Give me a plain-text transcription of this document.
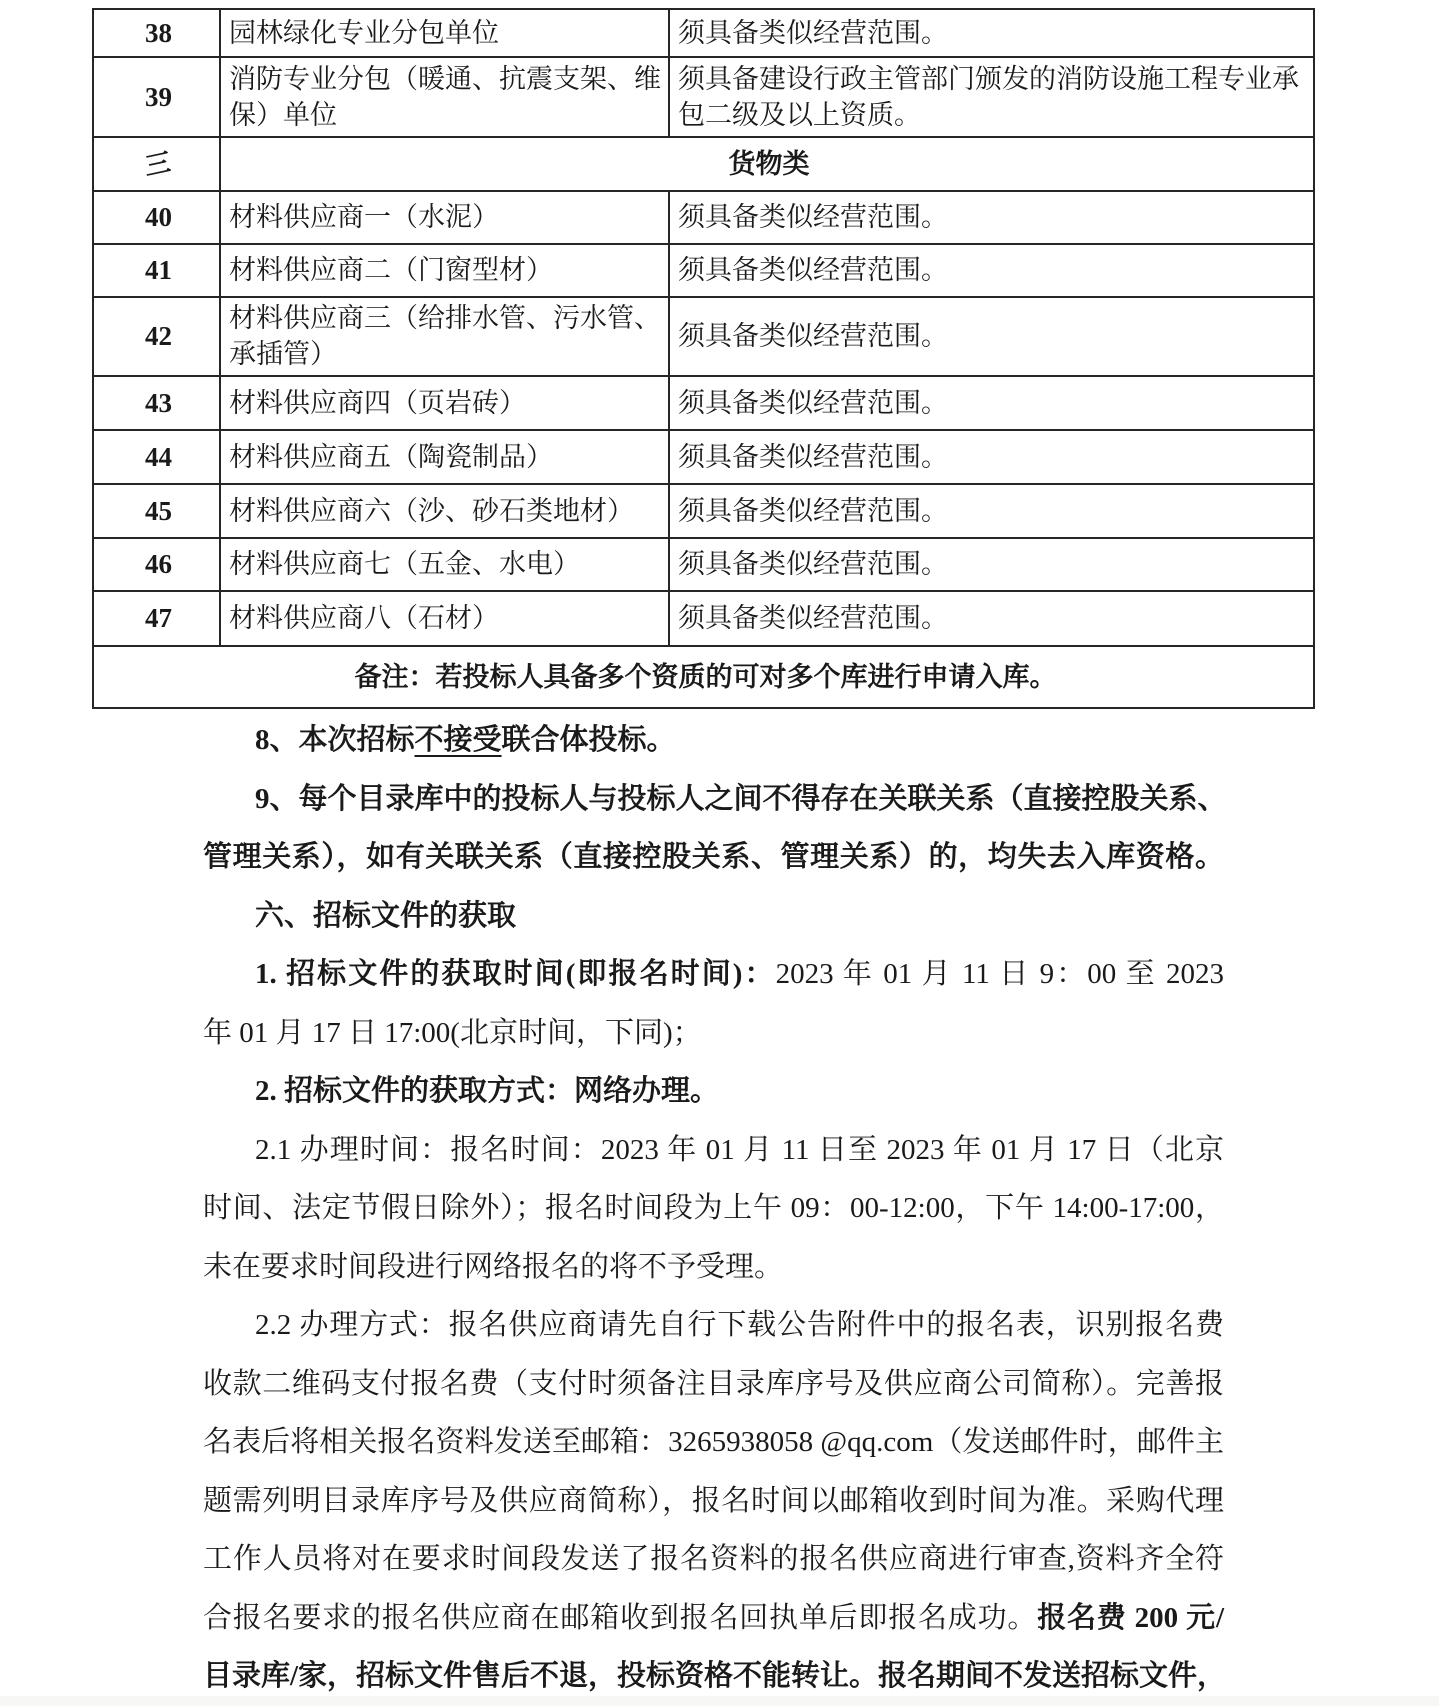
38	园林绿化专业分包单位	须具备类似经营范围。
39	消防专业分包（暖通、抗震支架、维保）单位	须具备建设行政主管部门颁发的消防设施工程专业承包二级及以上资质。
三	货物类	
40	材料供应商一（水泥）	须具备类似经营范围。
41	材料供应商二（门窗型材）	须具备类似经营范围。
42	材料供应商三（给排水管、污水管、承插管）	须具备类似经营范围。
43	材料供应商四（页岩砖）	须具备类似经营范围。
44	材料供应商五（陶瓷制品）	须具备类似经营范围。
45	材料供应商六（沙、砂石类地材）	须具备类似经营范围。
46	材料供应商七（五金、水电）	须具备类似经营范围。
47	材料供应商八（石材）	须具备类似经营范围。
备注：若投标人具备多个资质的可对多个库进行申请入库。		
8、本次招标不接受联合体投标。
9、每个目录库中的投标人与投标人之间不得存在关联关系（直接控股关系、
管理关系），如有关联关系（直接控股关系、管理关系）的，均失去入库资格。
六、招标文件的获取
1. 招标文件的获取时间(即报名时间)：2023 年 01 月 11 日 9：00 至 2023
年 01 月 17 日 17:00(北京时间，下同)；
2. 招标文件的获取方式：网络办理。
2.1 办理时间：报名时间：2023 年 01 月 11 日至 2023 年 01 月 17 日（北京
时间、法定节假日除外）；报名时间段为上午 09：00-12:00，下午 14:00-17:00，
未在要求时间段进行网络报名的将不予受理。
2.2 办理方式：报名供应商请先自行下载公告附件中的报名表，识别报名费
收款二维码支付报名费（支付时须备注目录库序号及供应商公司简称）。完善报
名表后将相关报名资料发送至邮箱：3265938058 @qq.com（发送邮件时，邮件主
题需列明目录库序号及供应商简称），报名时间以邮箱收到时间为准。采购代理
工作人员将对在要求时间段发送了报名资料的报名供应商进行审查,资料齐全符
合报名要求的报名供应商在邮箱收到报名回执单后即报名成功。报名费 200 元/
目录库/家，招标文件售后不退，投标资格不能转让。报名期间不发送招标文件，
